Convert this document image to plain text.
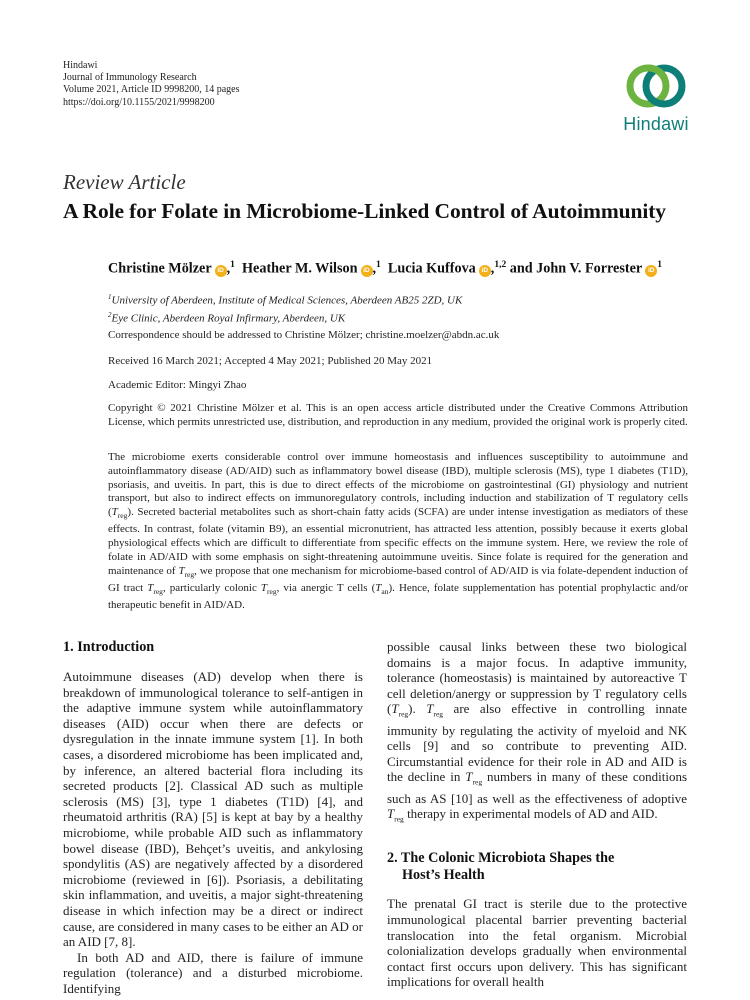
Hindawi
Journal of Immunology Research
Volume 2021, Article ID 9998200, 14 pages
https://doi.org/10.1155/2021/9998200
Hindawi
Review Article
A Role for Folate in Microbiome-Linked Control of Autoimmunity
Christine Mölzer iD ,$^1$ Heather M. Wilson iD ,$^1$ Lucia Kuffova iD ,$^{1,2}$ and John V. Forrester $iD^1$
$^1$University of Aberdeen, Institute of Medical Sciences, Aberdeen AB25 2ZD, UK
$^2$Eye Clinic, Aberdeen Royal Infirmary, Aberdeen, UK
Correspondence should be addressed to Christine Mölzer; christine.moelzer@abdn.ac.uk
Received 16 March 2021; Accepted 4 May 2021; Published 20 May 2021
Academic Editor: Mingyi Zhao
Copyright © 2021 Christine Mölzer et al. This is an open access article distributed under the Creative Commons Attribution License, which permits unrestricted use, distribution, and reproduction in any medium, provided the original work is properly cited.
The microbiome exerts considerable control over immune homeostasis and influences susceptibility to autoimmune and autoinflammatory disease (AD/AID) such as inflammatory bowel disease (IBD), multiple sclerosis (MS), type 1 diabetes (T1D), psoriasis, and uveitis. In part, this is due to direct effects of the microbiome on gastrointestinal (GI) physiology and nutrient transport, but also to indirect effects on immunoregulatory controls, including induction and stabilization of T regulatory cells $(T_{reg})$. Secreted bacterial metabolites such as short-chain fatty acids (SCFA) are under intense investigation as mediators of these effects. In contrast, folate (vitamin B9), an essential micronutrient, has attracted less attention, possibly because it exerts global physiological effects which are difficult to differentiate from specific effects on the immune system. Here, we review the role of folate in AD/AID with some emphasis on sight-threatening autoimmune uveitis. Since folate is required for the generation and maintenance of $T_{reg}$, we propose that one mechanism for microbiome-based control of AD/AID is via folate-dependent induction of GI tract $T_{reg}$, particularly colonic $T_{reg}$, via anergic T cells $(T_{an})$. Hence, folate supplementation has potential prophylactic and/or therapeutic benefit in AID/AD.
1. Introduction

Autoimmune diseases (AD) develop when there is breakdown of immunological tolerance to self-antigen in the adaptive immune system while autoinflammatory diseases (AID) occur when there are defects or dysregulation in the innate immune system [1]. In both cases, a disordered microbiome has been implicated and, by inference, an altered bacterial flora including its secreted products [2]. Classical AD such as multiple sclerosis (MS) [3], type 1 diabetes (T1D) [4], and rheumatoid arthritis (RA) [5] is kept at bay by a healthy microbiome, while probable AID such as inflammatory bowel disease (IBD), Behçet’s uveitis, and ankylosing spondylitis (AS) are negatively affected by a disordered microbiome (reviewed in [6]). Psoriasis, a debilitating skin inflammation, and uveitis, a major sight-threatening disease in which infection may be a direct or indirect cause, are considered in many cases to be either an AD or an AID [7, 8].

In both AD and AID, there is failure of immune regulation (tolerance) and a disturbed microbiome. Identifying

possible causal links between these two biological domains is a major focus. In adaptive immunity, tolerance (homeostasis) is maintained by autoreactive T cell deletion/anergy or suppression by T regulatory cells $(T_{reg})$. $T_{reg}$ are also effective in controlling innate immunity by regulating the activity of myeloid and NK cells [9] and so contribute to preventing AID. Circumstantial evidence for their role in AD and AID is the decline in $T_{reg}$ numbers in many of these conditions such as AS [10] as well as the effectiveness of adoptive $T_{reg}$ therapy in experimental models of AD and AID.

2. The Colonic Microbiota Shapes the
Host’s Health

The prenatal GI tract is sterile due to the protective immunological placental barrier preventing bacterial translocation into the fetal organism. Microbial colonialization develops gradually when environmental contact first occurs upon delivery. This has significant implications for overall health
